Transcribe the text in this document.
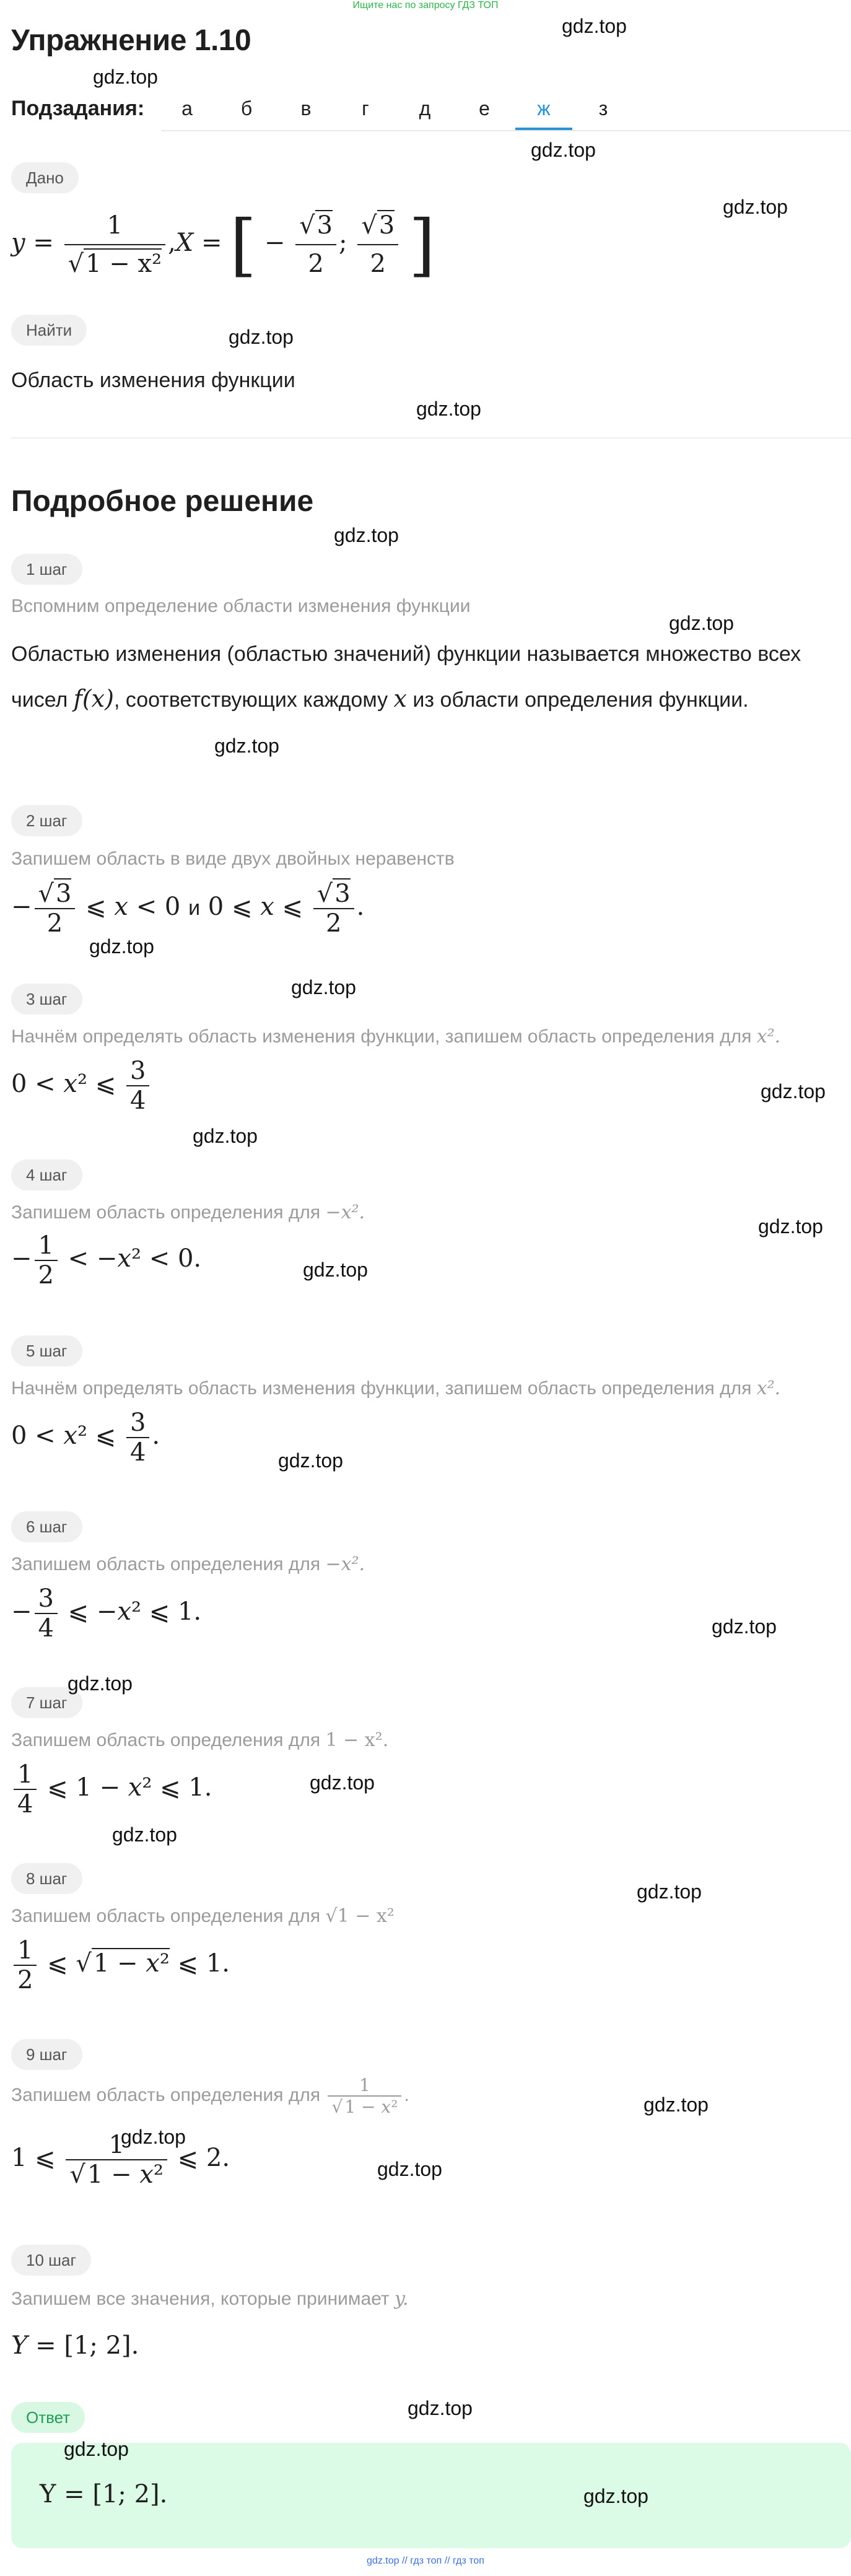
Ищите нас по запросу ГДЗ ТОП
Упражнение 1.10
Подзадания:	а	б	в	г	д	е	ж	з
Дано
$y = \frac{1}{\text{√1 − x²}} ,X$ = [ − $\frac{√3}{2}$ ; $\frac{√3}{2}$ ]
Найти
Область изменения функции
Подробное решение
1 шаг
Вспомним определение области изменения функции
Областью изменения (областью значений) функции называется множество всех чисел f(x), соответствующих каждому x из области определения функции.
2 шаг
Запишем область в виде двух двойных неравенств
− $\frac{√3}{2}$ ⩽ x < 0 и 0 ⩽ x ⩽ $\frac{√3}{2}$ .
3 шаг
Начнём определять область изменения функции, запишем область определения для x².
0 < x² ⩽ $\frac{3}{4}$
4 шаг
Запишем область определения для −x².
− $\frac{1}{2} < -x^2 < 0$.
5 шаг
Начнём определять область изменения функции, запишем область определения для x².
0 < x² ⩽ $\frac{3}{4}$ .
6 шаг
Запишем область определения для −x².
− $\frac{3}{4}$ ⩽ −x² ⩽ 1.
7 шаг
Запишем область определения для 1 − x².
$\frac{1}{4}$ ⩽ 1 − x² ⩽ 1.
8 шаг
Запишем область определения для √1 − x²
$\frac{1}{2}$ ⩽ √1 − x² ⩽ 1.
9 шаг
Запишем область определения для $\frac{1}{\text{√ 1 − x²}}$ .
1 ⩽ $\frac{1}{\text{√1 − x²}}$ ⩽ 2.
10 шаг
Запишем все значения, которые принимает y.
Y = [1; 2].
Ответ
Y = [1; 2].
gdz.top
gdz.top
gdz.top
gdz.top
gdz.top
gdz.top
gdz.top
gdz.top
gdz.top
gdz.top
gdz.top
gdz.top
gdz.top
gdz.top
gdz.top
gdz.top
gdz.top
gdz.top
gdz.top
gdz.top
gdz.top
gdz.top
gdz.top
gdz.top
gdz.top
gdz.top
gdz.top
gdz.top // гдз топ // гдз топ
